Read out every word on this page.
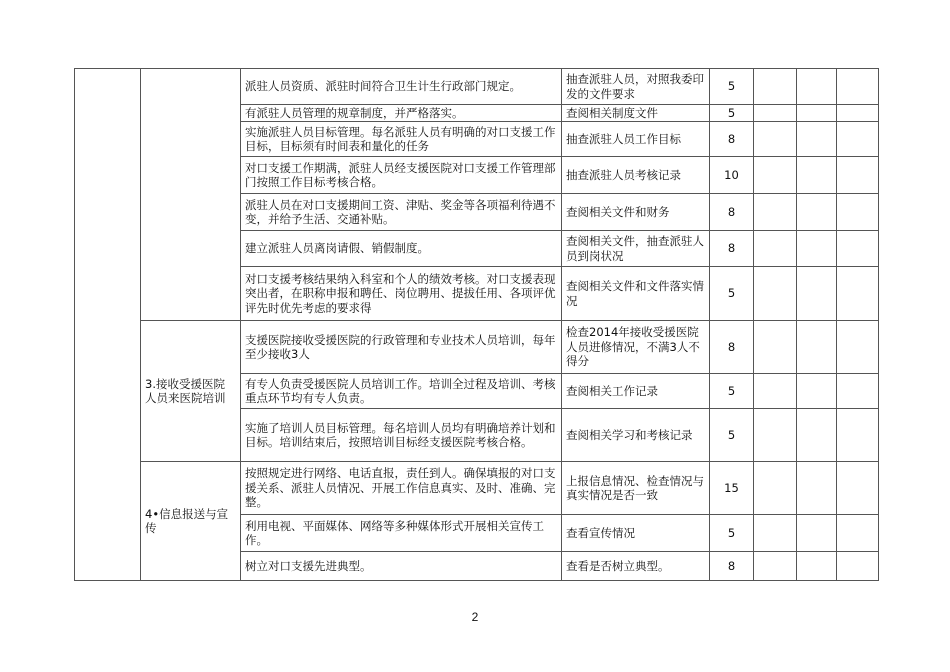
		派驻人员资质、派驻时间符合卫生计生行政部门规定。	抽查派驻人员，对照我委印发的文件要求	5			
		有派驻人员管理的规章制度，并严格落实。	查阅相关制度文件	5			
		实施派驻人员目标管理。每名派驻人员有明确的对口支援工作目标，目标须有时间表和量化的任务	抽查派驻人员工作目标	8			
		对口支援工作期满，派驻人员经支援医院对口支援工作管理部门按照工作目标考核合格。	抽查派驻人员考核记录	10			
		派驻人员在对口支援期间工资、津贴、奖金等各项福利待遇不变，并给予生活、交通补贴。	查阅相关文件和财务	8			
		建立派驻人员离岗请假、销假制度。	查阅相关文件，抽查派驻人员到岗状况	8			
		对口支援考核结果纳入科室和个人的绩效考核。对口支援表现突出者，在职称申报和聘任、岗位聘用、提拔任用、各项评优评先时优先考虑的要求得	查阅相关文件和文件落实情况	5			
	3.接收受援医院人员来医院培训	支援医院接收受援医院的行政管理和专业技术人员培训，每年至少接收3人	检查2014年接收受援医院人员进修情况，不满3人不得分	8			
		有专人负责受援医院人员培训工作。培训全过程及培训、考核重点环节均有专人负责。	查阅相关工作记录	5			
		实施了培训人员目标管理。每名培训人员均有明确培养计划和目标。培训结束后，按照培训目标经支援医院考核合格。	查阅相关学习和考核记录	5			
	4•信息报送与宣传	按照规定进行网络、电话直报，责任到人。确保填报的对口支援关系、派驻人员情况、开展工作信息真实、及时、准确、完整。	上报信息情况、检查情况与真实情况是否一致	15			
		利用电视、平面媒体、网络等多种媒体形式开展相关宣传工作。	查看宣传情况	5			
		树立对口支援先进典型。	查看是否树立典型。	8			
2
